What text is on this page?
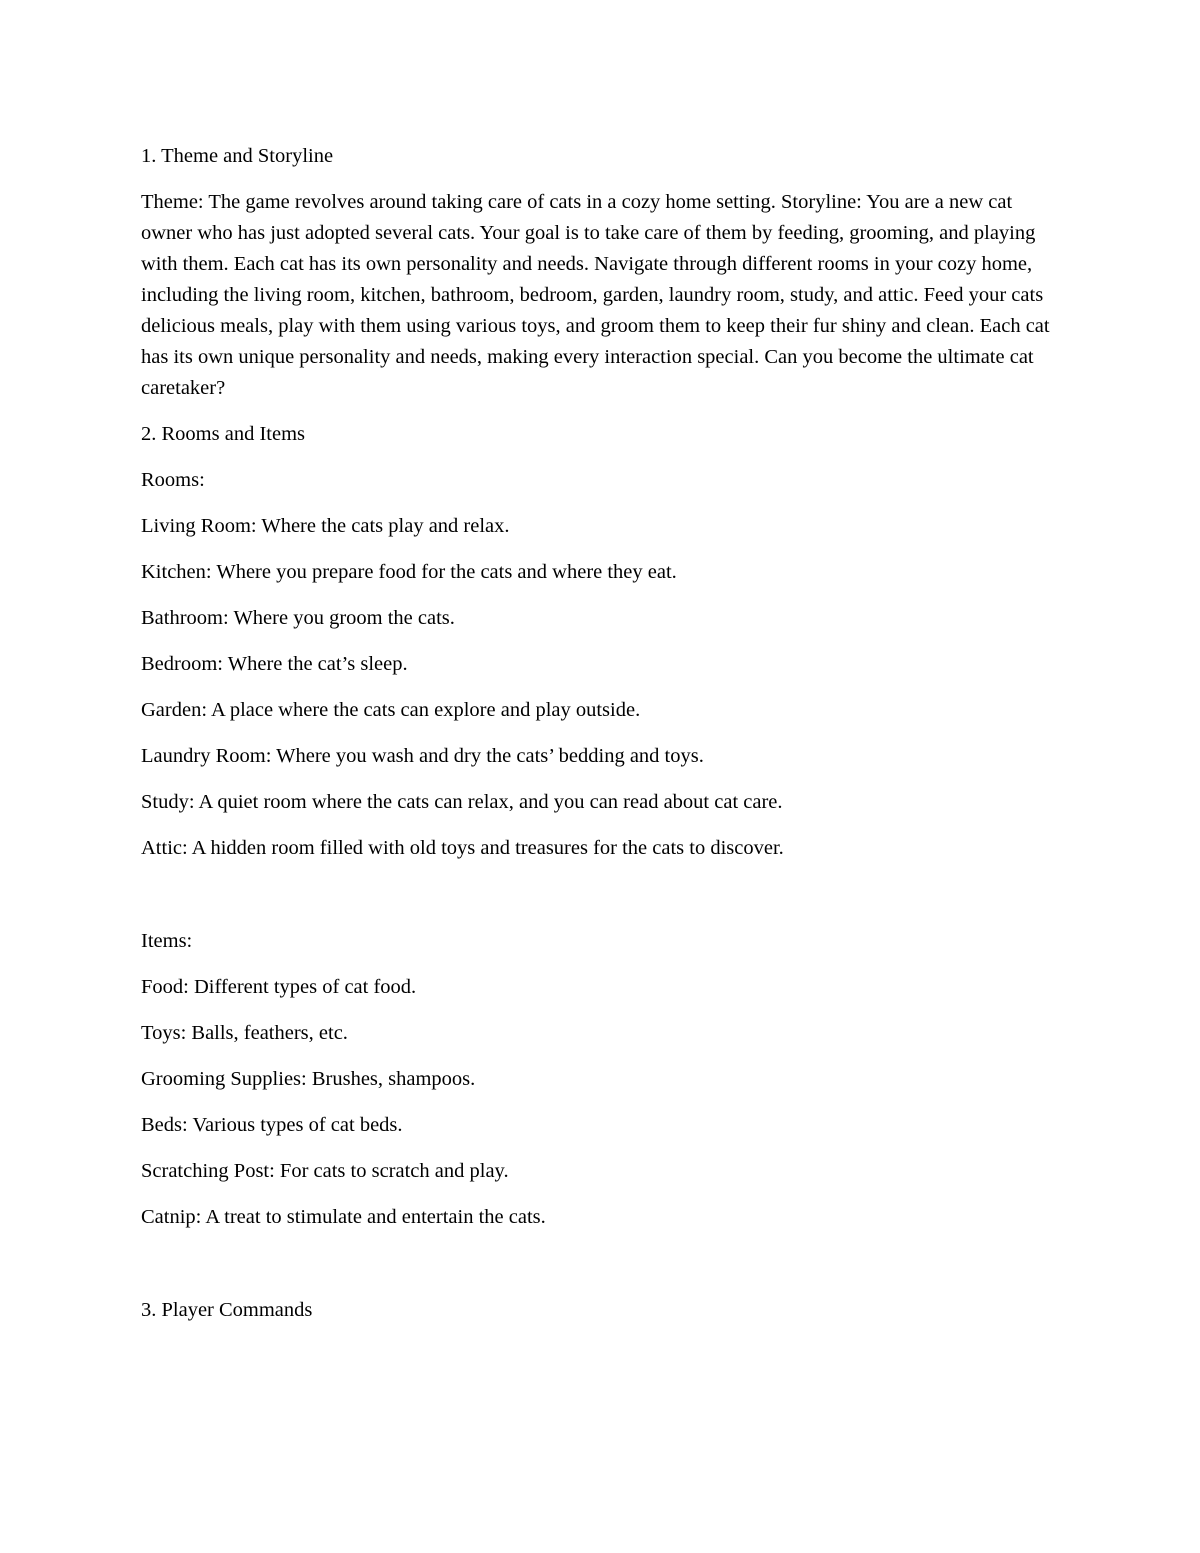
1. Theme and Storyline

Theme: The game revolves around taking care of cats in a cozy home setting. Storyline: You are a new cat owner who has just adopted several cats. Your goal is to take care of them by feeding, grooming, and playing with them. Each cat has its own personality and needs. Navigate through different rooms in your cozy home, including the living room, kitchen, bathroom, bedroom, garden, laundry room, study, and attic. Feed your cats delicious meals, play with them using various toys, and groom them to keep their fur shiny and clean. Each cat has its own unique personality and needs, making every interaction special. Can you become the ultimate cat caretaker?

2. Rooms and Items

Rooms:

Living Room: Where the cats play and relax.

Kitchen: Where you prepare food for the cats and where they eat.

Bathroom: Where you groom the cats.

Bedroom: Where the cat’s sleep.

Garden: A place where the cats can explore and play outside.

Laundry Room: Where you wash and dry the cats’ bedding and toys.

Study: A quiet room where the cats can relax, and you can read about cat care.

Attic: A hidden room filled with old toys and treasures for the cats to discover.

Items:

Food: Different types of cat food.

Toys: Balls, feathers, etc.

Grooming Supplies: Brushes, shampoos.

Beds: Various types of cat beds.

Scratching Post: For cats to scratch and play.

Catnip: A treat to stimulate and entertain the cats.

3. Player Commands
